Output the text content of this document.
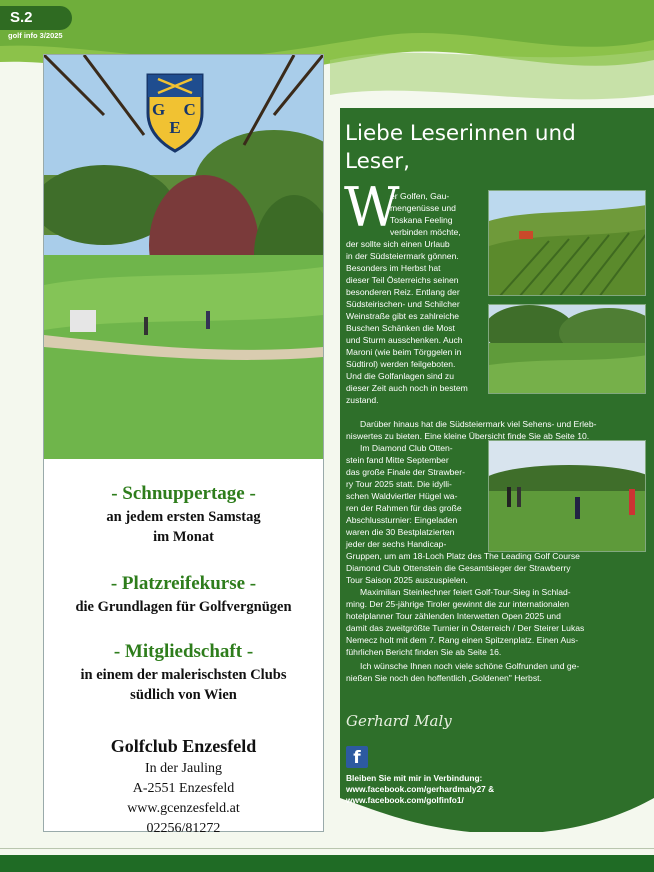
S.2
golf info 3/2025
G C
E
- Schnuppertage -
an jedem ersten Samstag
im Monat
- Platzreifekurse -
die Grundlagen für Golfvergnügen
- Mitgliedschaft -
in einem der malerischsten Clubs
südlich von Wien
Golfclub Enzesfeld
In der Jauling
A-2551 Enzesfeld
www.gcenzesfeld.at
02256/81272
Liebe Leserinnen und
Leser,
W
er Golfen, Gau-
mengenüsse und
Toskana Feeling
verbinden möchte,
der sollte sich einen Urlaub
in der Südsteiermark gönnen.
Besonders im Herbst hat
dieser Teil Österreichs seinen
besonderen Reiz. Entlang der
Südsteirischen- und Schilcher
Weinstraße gibt es zahlreiche
Buschen Schänken die Most
und Sturm ausschenken. Auch
Maroni (wie beim Törggelen in
Südtirol) werden feilgeboten.
Und die Golfanlagen sind zu
dieser Zeit auch noch in bestem zustand.
Darüber hinaus hat die Südsteiermark viel Sehens- und Erleb-
niswertes zu bieten. Eine kleine Übersicht finde Sie ab Seite 10.
Im Diamond Club Otten-
stein fand Mitte September
das große Finale der Strawber-
ry Tour 2025 statt. Die idylli-
schen Waldviertler Hügel wa-
ren der Rahmen für das große
Abschlussturnier: Eingeladen
waren die 30 Bestplatzierten
jeder der sechs Handicap-
Gruppen, um am 18-Loch Platz des The Leading Golf Course
Diamond Club Ottenstein die Gesamtsieger der Strawberry
Tour Saison 2025 auszuspielen.
Maximilian Steinlechner feiert Golf-Tour-Sieg in Schlad-
ming. Der 25-jährige Tiroler gewinnt die zur internationalen
hotelplanner Tour zählenden Interwetten Open 2025 und
damit das zweitgrößte Turnier in Österreich / Der Steirer Lukas
Nemecz holt mit dem 7. Rang einen Spitzenplatz. Einen Aus-
führlichen Bericht finden Sie ab Seite 16.
Ich wünsche Ihnen noch viele schöne Golfrunden und ge-
nießen Sie noch den hoffentlich „Goldenen" Herbst.
Gerhard Maly
f
Bleiben Sie mit mir in Verbindung:
www.facebook.com/gerhardmaly27 &
www.facebook.com/golfinfo1/
